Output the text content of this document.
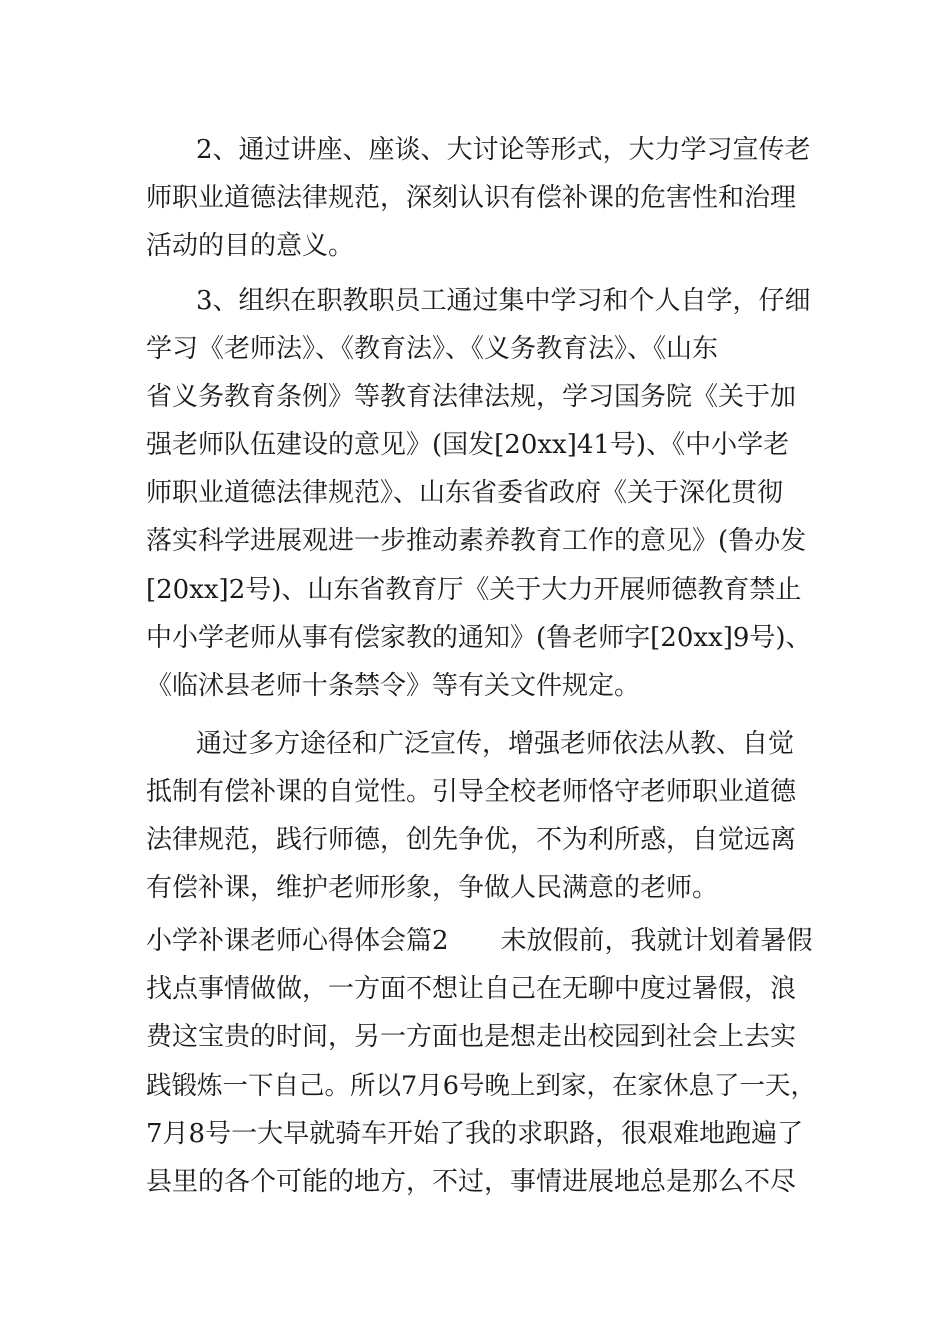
2、通过讲座、座谈、大讨论等形式，大力学习宣传老
师职业道德法律规范，深刻认识有偿补课的危害性和治理
活动的目的意义。
3、组织在职教职员工通过集中学习和个人自学，仔细
学习《老师法》、《教育法》、《义务教育法》、《山东
省义务教育条例》等教育法律法规，学习国务院《关于加
强老师队伍建设的意见》(国发[20xx]41号)、《中小学老
师职业道德法律规范》、山东省委省政府《关于深化贯彻
落实科学进展观进一步推动素养教育工作的意见》(鲁办发
[20xx]2号)、山东省教育厅《关于大力开展师德教育禁止
中小学老师从事有偿家教的通知》(鲁老师字[20xx]9号)、
《临沭县老师十条禁令》等有关文件规定。
通过多方途径和广泛宣传，增强老师依法从教、自觉
抵制有偿补课的自觉性。引导全校老师恪守老师职业道德
法律规范，践行师德，创先争优，不为利所惑，自觉远离
有偿补课，维护老师形象，争做人民满意的老师。
小学补课老师心得体会篇2　　未放假前，我就计划着暑假
找点事情做做，一方面不想让自己在无聊中度过暑假，浪
费这宝贵的时间，另一方面也是想走出校园到社会上去实
践锻炼一下自己。所以7月6号晚上到家，在家休息了一天，
7月8号一大早就骑车开始了我的求职路，很艰难地跑遍了
县里的各个可能的地方，不过，事情进展地总是那么不尽
